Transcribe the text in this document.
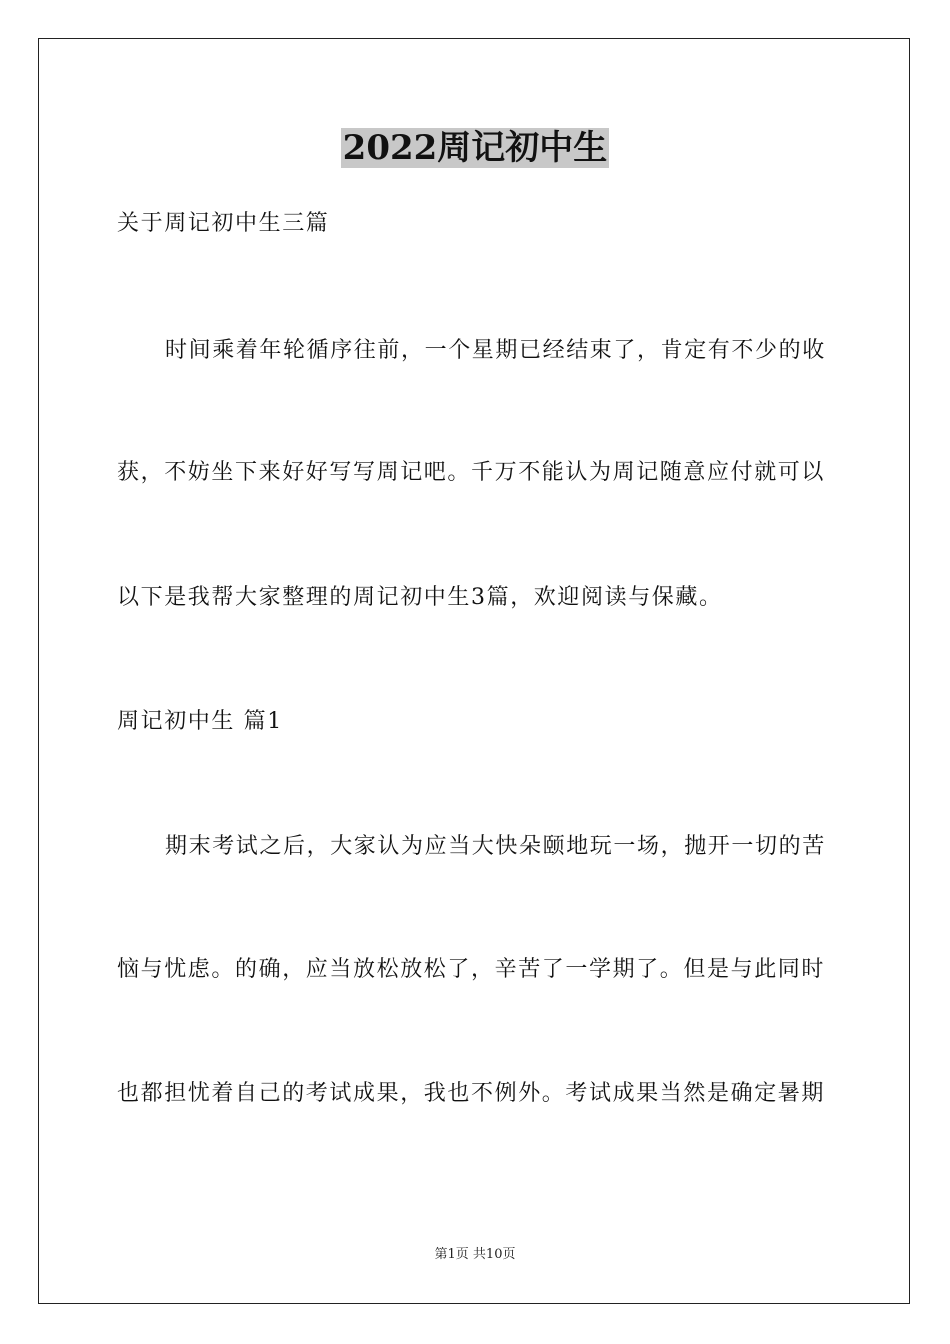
2022周记初中生
关于周记初中生三篇
时间乘着年轮循序往前，一个星期已经结束了，肯定有不少的收
获，不妨坐下来好好写写周记吧。千万不能认为周记随意应付就可以
以下是我帮大家整理的周记初中生3篇，欢迎阅读与保藏。
周记初中生 篇1
期末考试之后，大家认为应当大快朵颐地玩一场，抛开一切的苦
恼与忧虑。的确，应当放松放松了，辛苦了一学期了。但是与此同时
也都担忧着自己的考试成果，我也不例外。考试成果当然是确定暑期
第1页 共10页
